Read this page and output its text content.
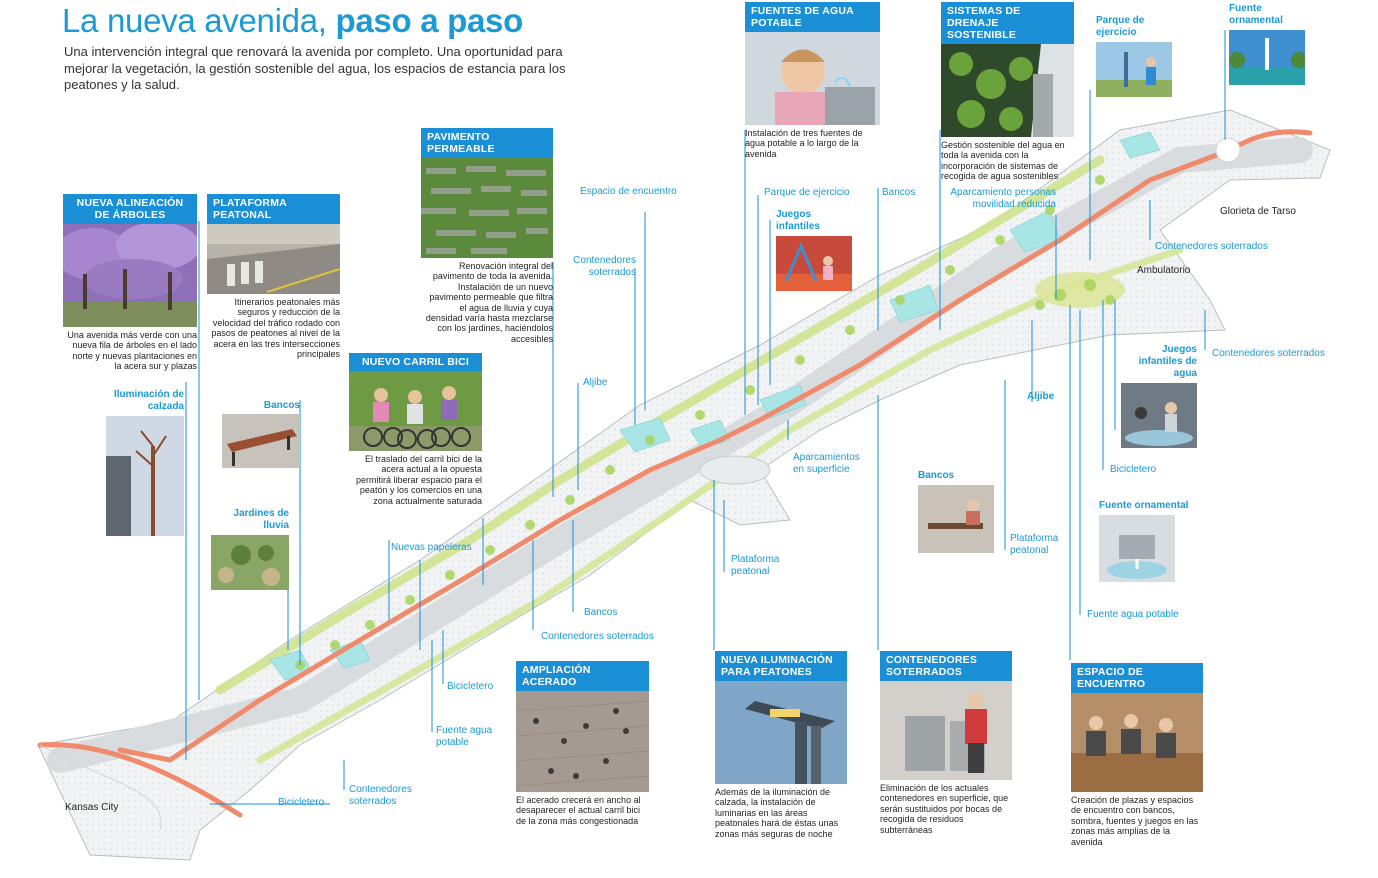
La nueva avenida, paso a paso
Una intervención integral que renovará la avenida por completo. Una oportunidad para mejorar la vegetación, la gestión sostenible del agua, los espacios de estancia para los peatones y la salud.
NUEVA ALINEACIÓN DE ÁRBOLES
Una avenida más verde con una nueva fila de árboles en el lado norte y nuevas plantaciones en la acera sur y plazas
PLATAFORMA PEATONAL
Itinerarios peatonales más seguros y reducción de la velocidad del tráfico rodado con pasos de peatones al nivel de la acera en las tres intersecciones principales
PAVIMENTO PERMEABLE
Renovación integral del pavimento de toda la avenida. Instalación de un nuevo pavimento permeable que filtra el agua de lluvia y cuya densidad varía hasta mezclarse con los jardines, haciéndolos accesibles
NUEVO CARRIL BICI
El traslado del carril bici de la acera actual a la opuesta permitirá liberar espacio para el peatón y los comercios en una zona actualmente saturada
FUENTES DE AGUA POTABLE
Instalación de tres fuentes de agua potable a lo largo de la avenida
SISTEMAS DE DRENAJE SOSTENIBLE
Gestión sostenible del agua en toda la avenida con la incorporación de sistemas de recogida de agua sostenibles
AMPLIACIÓN ACERADO
El acerado crecerá en ancho al desaparecer el actual carril bici de la zona más congestionada
NUEVA ILUMINACIÓN PARA PEATONES
Además de la iluminación de calzada, la instalación de luminarias en las áreas peatonales hará de éstas unas zonas más seguras de noche
CONTENEDORES SOTERRADOS
Eliminación de los actuales contenedores en superficie, que serán sustituidos por bocas de recogida de residuos subterráneas
ESPACIO DE ENCUENTRO
Creación de plazas y espacios de encuentro con bancos, sombra, fuentes y juegos en las zonas más amplias de la avenida
Iluminación de calzada	Bancos
Jardines de lluvia
Parque de ejercicio
Fuente ornamental
Juegos infantiles
Juegos infantiles de agua
Bancos
Fuente ornamental
Espacio de encuentro
Contenedores soterrados
Aljibe
Nuevas papeleras
Bancos
Contenedores soterrados
Bicicletero
Fuente agua potable
Contenedores soterrados
Bicicletero
Kansas City
Parque de ejercicio	Bancos	Aparcamiento personas movilidad reducida
Contenedores soterrados
Glorieta de Tarso
Ambulatorio
Contenedores soterrados
Aljibe
Aparcamientos en superficie
Plataforma peatonal
Plataforma peatonal
Bicicletero
Fuente agua potable
